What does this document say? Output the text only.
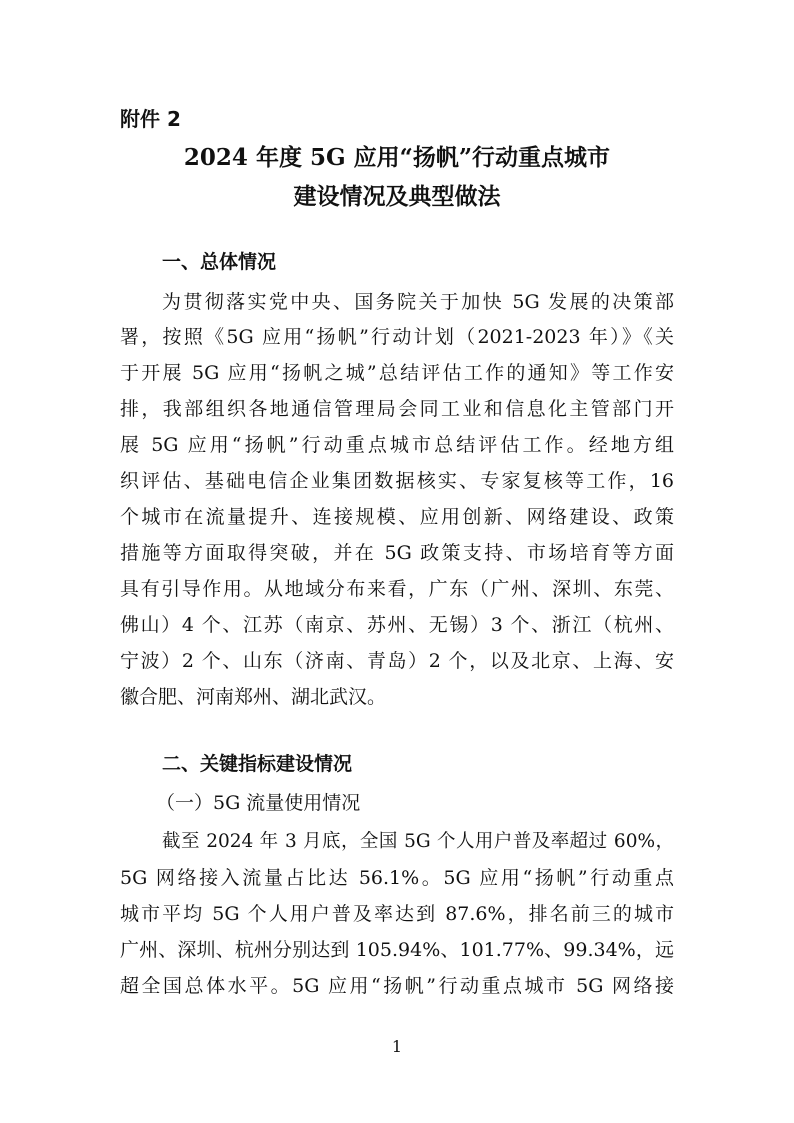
附件 2
2024 年度 5G 应用“扬帆”行动重点城市
建设情况及典型做法
一、总体情况
为贯彻落实党中央、国务院关于加快 5G 发展的决策部
署，按照《5G 应用“扬帆”行动计划（2021-2023 年）》《关
于开展 5G 应用“扬帆之城”总结评估工作的通知》等工作安
排，我部组织各地通信管理局会同工业和信息化主管部门开
展 5G 应用“扬帆”行动重点城市总结评估工作。经地方组
织评估、基础电信企业集团数据核实、专家复核等工作，16
个城市在流量提升、连接规模、应用创新、网络建设、政策
措施等方面取得突破，并在 5G 政策支持、市场培育等方面
具有引导作用。从地域分布来看，广东（广州、深圳、东莞、
佛山）4 个、江苏（南京、苏州、无锡）3 个、浙江（杭州、
宁波）2 个、山东（济南、青岛）2 个，以及北京、上海、安
徽合肥、河南郑州、湖北武汉。
二、关键指标建设情况
（一）5G 流量使用情况
截至 2024 年 3 月底，全国 5G 个人用户普及率超过 60%，
5G 网络接入流量占比达 56.1%。5G 应用“扬帆”行动重点
城市平均 5G 个人用户普及率达到 87.6%，排名前三的城市
广州、深圳、杭州分别达到 105.94%、101.77%、99.34%，远
超全国总体水平。5G 应用“扬帆”行动重点城市 5G 网络接
1
